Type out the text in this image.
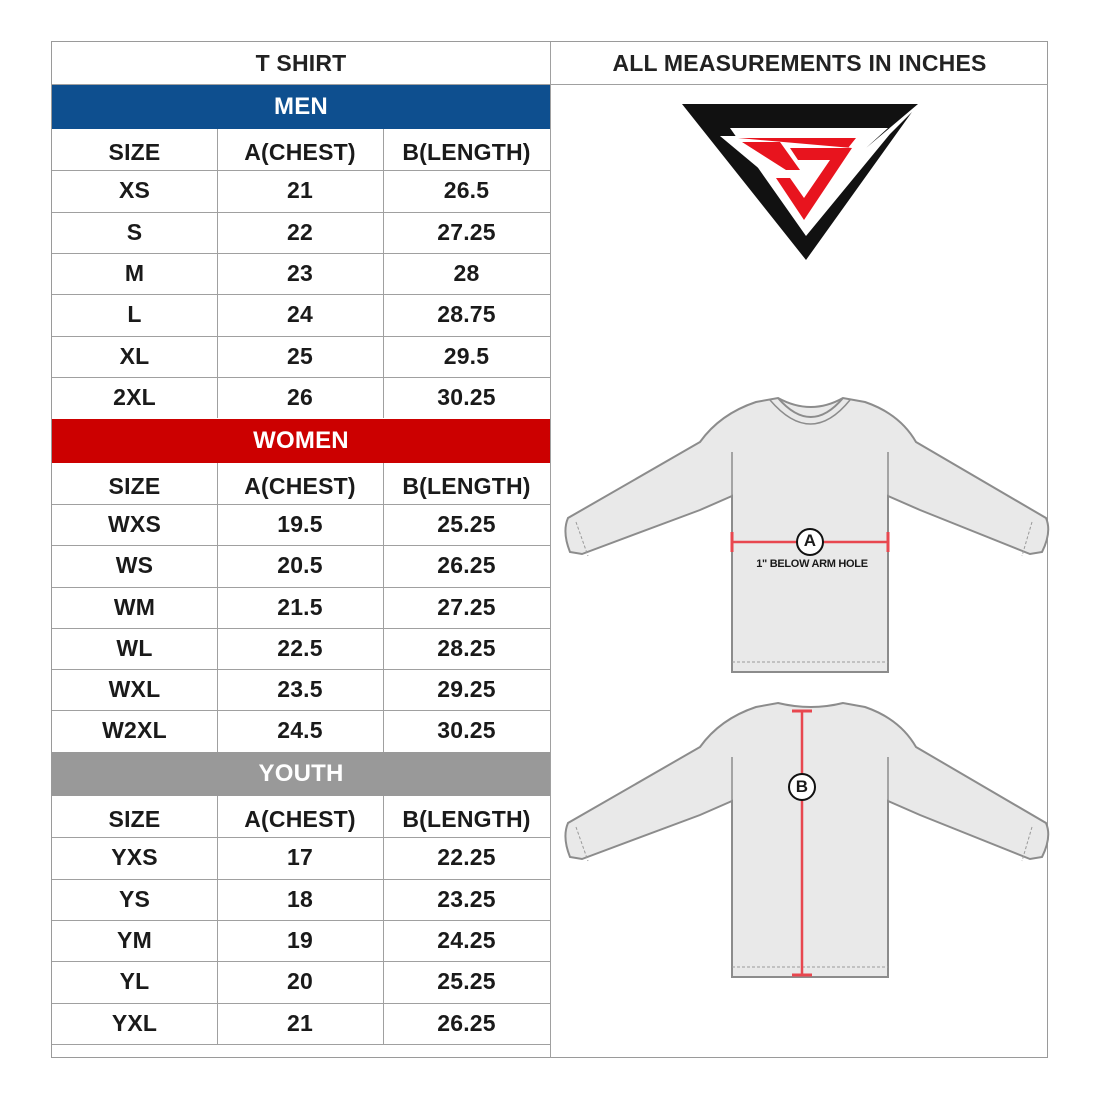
T SHIRT	ALL MEASUREMENTS IN INCHES
MEN
SIZE	A(CHEST)	B(LENGTH)
XS	21	26.5
S	22	27.25
M	23	28
L	24	28.75
XL	25	29.5
2XL	26	30.25
WOMEN
SIZE	A(CHEST)	B(LENGTH)
WXS	19.5	25.25
WS	20.5	26.25
WM	21.5	27.25
WL	22.5	28.25
WXL	23.5	29.25
W2XL	24.5	30.25
YOUTH
SIZE	A(CHEST)	B(LENGTH)
YXS	17	22.25
YS	18	23.25
YM	19	24.25
YL	20	25.25
YXL	21	26.25
A
1" BELOW ARM HOLE
B
